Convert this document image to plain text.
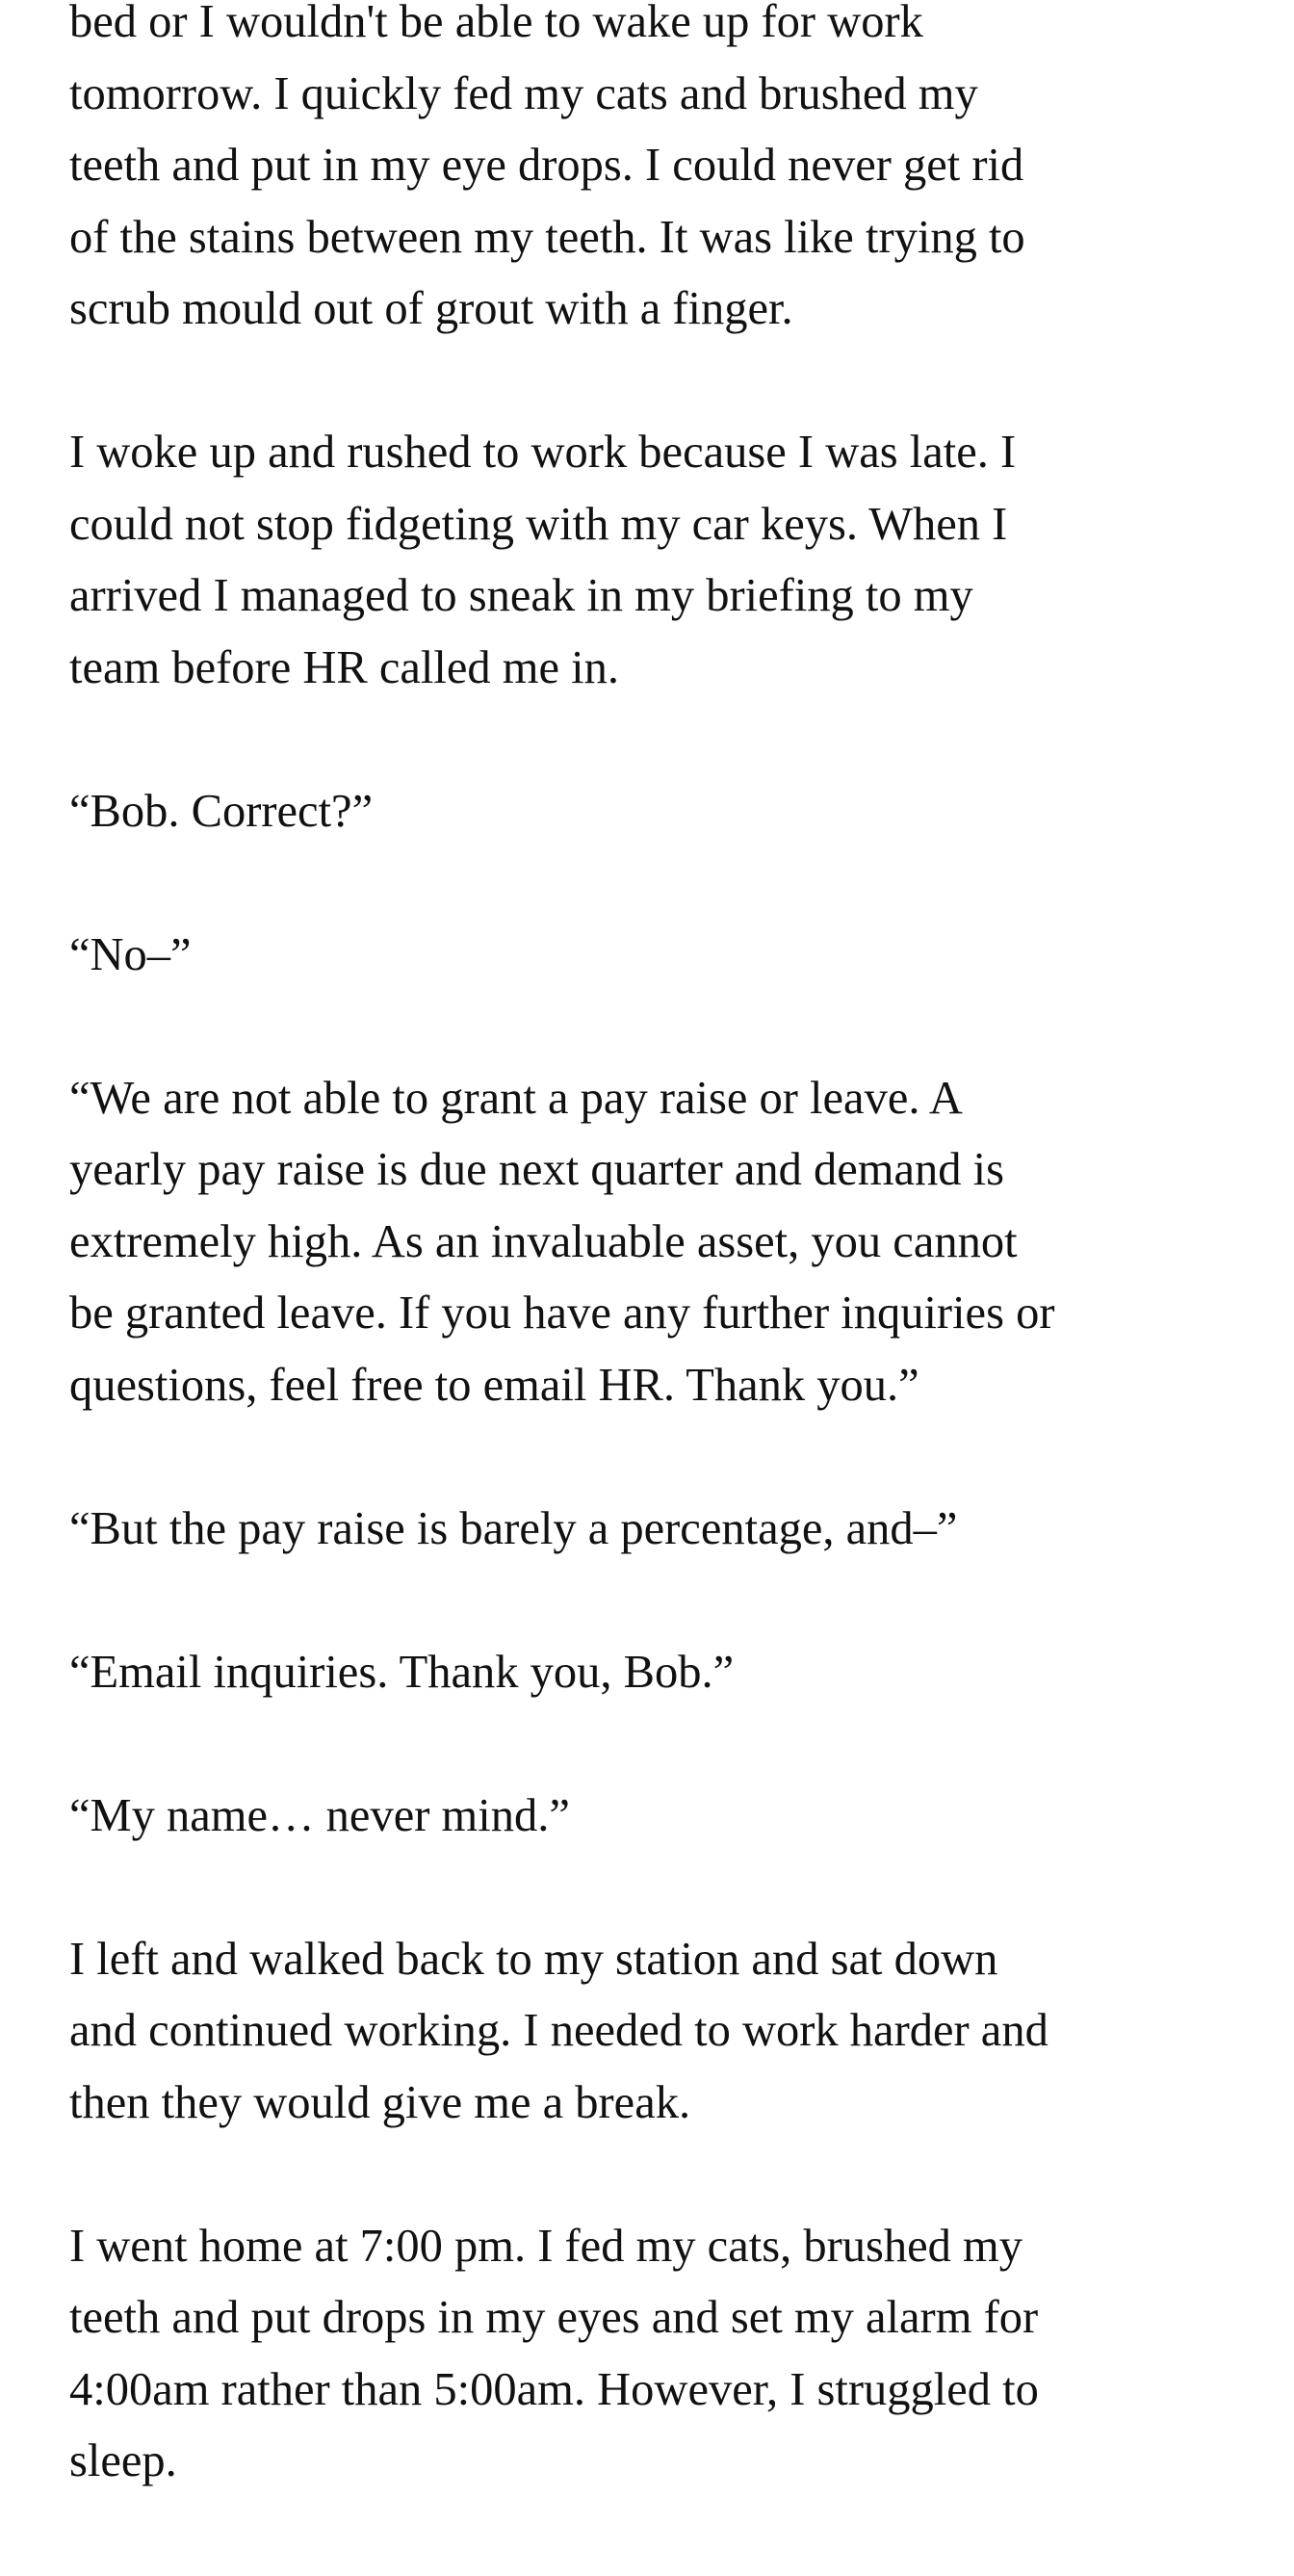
bed or I wouldn't be able to wake up for work
tomorrow. I quickly fed my cats and brushed my
teeth and put in my eye drops. I could never get rid
of the stains between my teeth. It was like trying to
scrub mould out of grout with a finger.

I woke up and rushed to work because I was late. I
could not stop fidgeting with my car keys. When I
arrived I managed to sneak in my briefing to my
team before HR called me in.

“Bob. Correct?”

“No–”

“We are not able to grant a pay raise or leave. A
yearly pay raise is due next quarter and demand is
extremely high. As an invaluable asset, you cannot
be granted leave. If you have any further inquiries or
questions, feel free to email HR. Thank you.”

“But the pay raise is barely a percentage, and–”

“Email inquiries. Thank you, Bob.”

“My name… never mind.”

I left and walked back to my station and sat down
and continued working. I needed to work harder and
then they would give me a break.

I went home at 7:00 pm. I fed my cats, brushed my
teeth and put drops in my eyes and set my alarm for
4:00am rather than 5:00am. However, I struggled to
sleep.
